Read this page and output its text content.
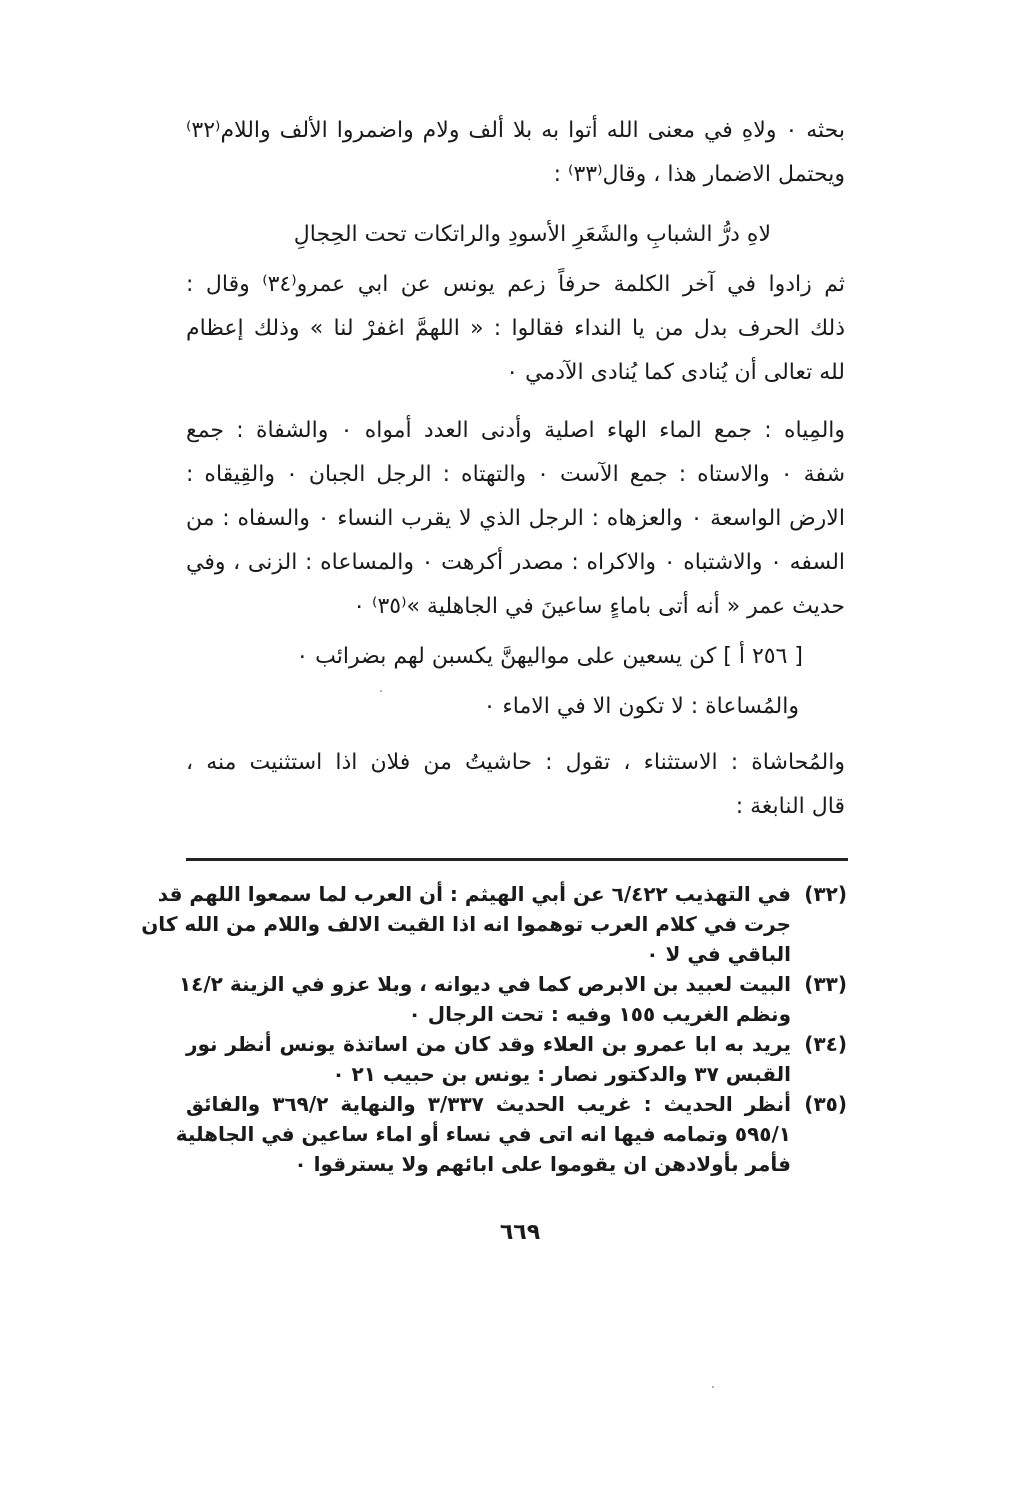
بحثه ٠ ولاهِ في معنى الله أتوا به بلا ألف ولام واضمروا الألف واللام⁽٣٢⁾
ويحتمل الاضمار هذا ، وقال⁽٣٣⁾ :
لاهِ درُّ الشبابِ والشَعَرِ الأسودِ والراتكات تحت الحِجالِ
ثم زادوا في آخر الكلمة حرفاً زعم يونس عن ابي عمرو⁽٣٤⁾ وقال :
ذلك الحرف بدل من يا النداء فقالوا : « اللهمَّ اغفرْ لنا » وذلك إعظام
لله تعالى أن يُنادى كما يُنادى الآدمي ٠
والمِياه : جمع الماء الهاء اصلية وأدنى العدد أمواه ٠ والشفاة : جمع
شفة ٠ والاستاه : جمع الآست ٠ والتهتاه : الرجل الجبان ٠ والقِيقاه :
الارض الواسعة ٠ والعزهاه : الرجل الذي لا يقرب النساء ٠ والسفاه : من
السفه ٠ والاشتباه ٠ والاكراه : مصدر أكرهت ٠ والمساعاه : الزنى ، وفي
حديث عمر « أنه أتى باماءٍ ساعينَ في الجاهلية »⁽٣٥⁾ ٠
[ ٢٥٦ أ ] كن يسعين على مواليهنَّ يكسبن لهم بضرائب ٠
والمُساعاة : لا تكون الا في الاماء ٠
والمُحاشاة : الاستثناء ، تقول : حاشيتُ من فلان اذا استثنيت منه ،
قال النابغة :
(٣٢)
في التهذيب ٦/٤٢٢ عن أبي الهيثم : أن العرب لما سمعوا اللهم قد
جرت في كلام العرب توهموا انه اذا القيت الالف واللام من الله كان
الباقي في لا ٠
(٣٣)
البيت لعبيد بن الابرص كما في ديوانه ، وبلا عزو في الزينة ١٤/٢
ونظم الغريب ١٥٥ وفيه : تحت الرجال ٠
(٣٤)
يريد به ابا عمرو بن العلاء وقد كان من اساتذة يونس أنظر نور
القبس ٣٧ والدكتور نصار : يونس بن حبيب ٢١ ٠
(٣٥)
أنظر الحديث : غريب الحديث ٣/٣٣٧ والنهاية ٣٦٩/٢ والفائق
٥٩٥/١ وتمامه فيها انه اتى في نساء أو اماء ساعين في الجاهلية
فأمر بأولادهن ان يقوموا على ابائهم ولا يسترقوا ٠
٦٦٩
